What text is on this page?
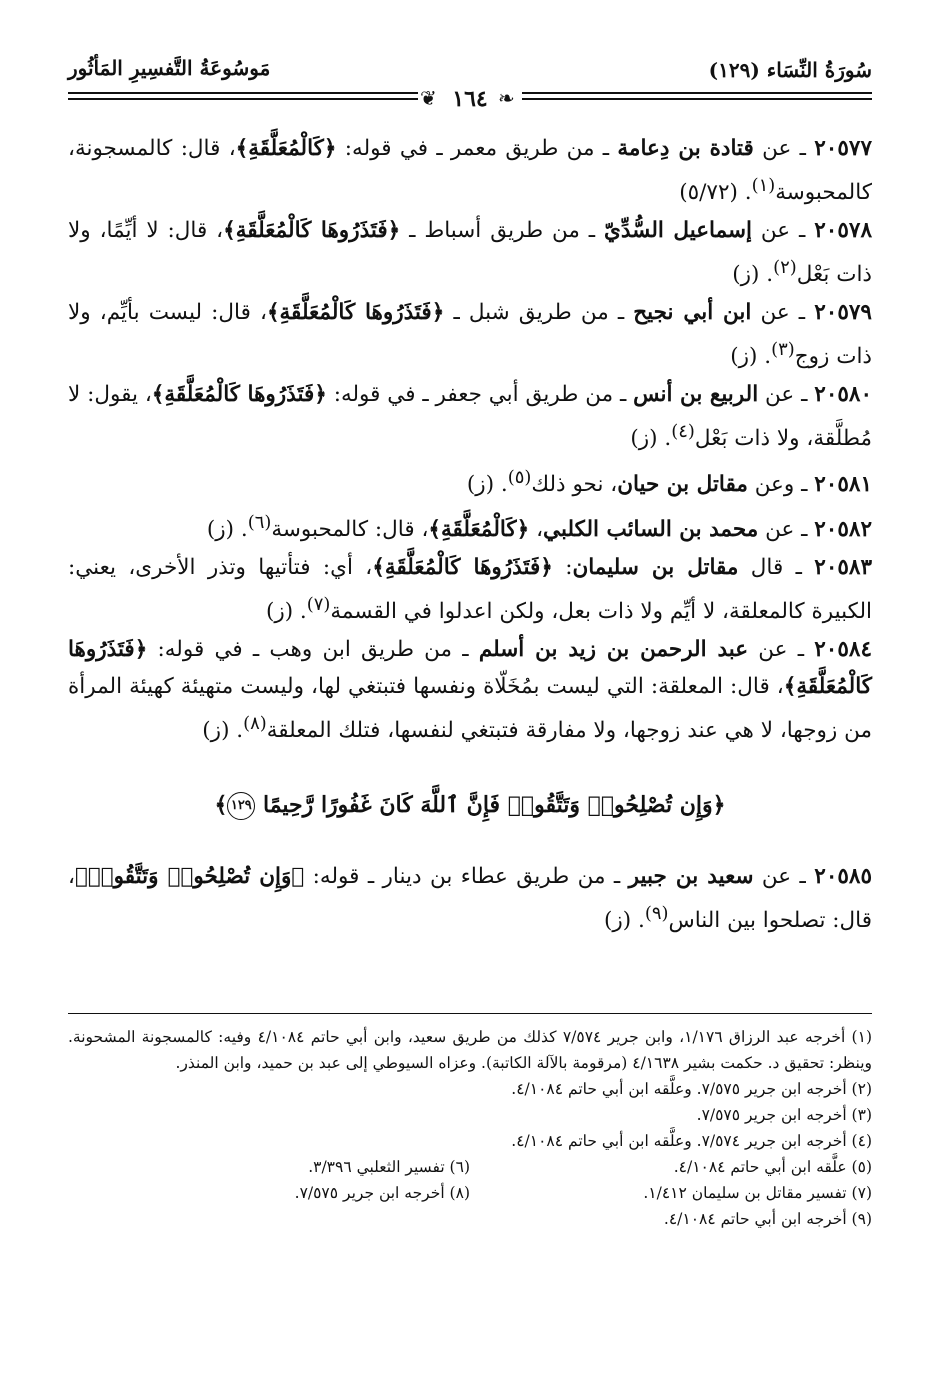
سُورَةُ النِّسَاء (١٢٩)
مَوسُوعَةُ التَّفسِيرِ المَأثُور
❦	❧
١٦٤

٢٠٥٧٧ ـ عن قتادة بن دِعامة ـ من طريق معمر ـ في قوله: ﴿كَالْمُعَلَّقَةِ﴾، قال: كالمسجونة، كالمحبوسة$^{(١)}$. (٥/٧٢)

٢٠٥٧٨ ـ عن إسماعيل السُّدِّيّ ـ من طريق أسباط ـ ﴿فَتَذَرُوهَا كَالْمُعَلَّقَةِ﴾، قال: لا أيِّمًا، ولا ذات بَعْل$^{(٢)}$. (ز)

٢٠٥٧٩ ـ عن ابن أبي نجيح ـ من طريق شبل ـ ﴿فَتَذَرُوهَا كَالْمُعَلَّقَةِ﴾، قال: ليست بأيِّم، ولا ذات زوج$^{(٣)}$. (ز)

٢٠٥٨٠ ـ عن الربيع بن أنس ـ من طريق أبي جعفر ـ في قوله: ﴿فَتَذَرُوهَا كَالْمُعَلَّقَةِ﴾، يقول: لا مُطلَّقة، ولا ذات بَعْل$^{(٤)}$. (ز)

٢٠٥٨١ ـ وعن مقاتل بن حيان، نحو ذلك$^{(٥)}$. (ز)

٢٠٥٨٢ ـ عن محمد بن السائب الكلبي، ﴿كَالْمُعَلَّقَةِ﴾، قال: كالمحبوسة$^{(٦)}$. (ز)

٢٠٥٨٣ ـ قال مقاتل بن سليمان: ﴿فَتَذَرُوهَا كَالْمُعَلَّقَةِ﴾، أي: فتأتيها وتذر الأخرى، يعني: الكبيرة كالمعلقة، لا أيِّم ولا ذات بعل، ولكن اعدلوا في القسمة$^{(٧)}$. (ز)

٢٠٥٨٤ ـ عن عبد الرحمن بن زيد بن أسلم ـ من طريق ابن وهب ـ في قوله: ﴿فَتَذَرُوهَا كَالْمُعَلَّقَةِ﴾، قال: المعلقة: التي ليست بمُخَلّاة ونفسها فتبتغي لها، وليست متهيئة كهيئة المرأة من زوجها، لا هي عند زوجها، ولا مفارقة فتبتغي لنفسها، فتلك المعلقة$^{(٨)}$. (ز)

﴿وَإِن تُصْلِحُوا۟ وَتَتَّقُوا۟ فَإِنَّ ٱللَّهَ كَانَ غَفُورًا رَّحِيمًا ١٢٩﴾

٢٠٥٨٥ ـ عن سعيد بن جبير ـ من طريق عطاء بن دينار ـ قوله: ﴿وَإِن تُصْلِحُوا۟ وَتَتَّقُوا۟﴾، قال: تصلحوا بين الناس$^{(٩)}$. (ز)

(١) أخرجه عبد الرزاق ١/١٧٦، وابن جرير ٧/٥٧٤ كذلك من طريق سعيد، وابن أبي حاتم ٤/١٠٨٤ وفيه: كالمسجونة المشحونة. وينظر: تحقيق د. حكمت بشير ٤/١٦٣٨ (مرقومة بالآلة الكاتبة). وعزاه السيوطي إلى عبد بن حميد، وابن المنذر.

(٢) أخرجه ابن جرير ٧/٥٧٥. وعلَّقه ابن أبي حاتم ٤/١٠٨٤.

(٣) أخرجه ابن جرير ٧/٥٧٥.

(٤) أخرجه ابن جرير ٧/٥٧٤. وعلَّقه ابن أبي حاتم ٤/١٠٨٤.

(٥) علَّقه ابن أبي حاتم ٤/١٠٨٤.

(٦) تفسير الثعلبي ٣/٣٩٦.

(٧) تفسير مقاتل بن سليمان ١/٤١٢.

(٨) أخرجه ابن جرير ٧/٥٧٥.

(٩) أخرجه ابن أبي حاتم ٤/١٠٨٤.
